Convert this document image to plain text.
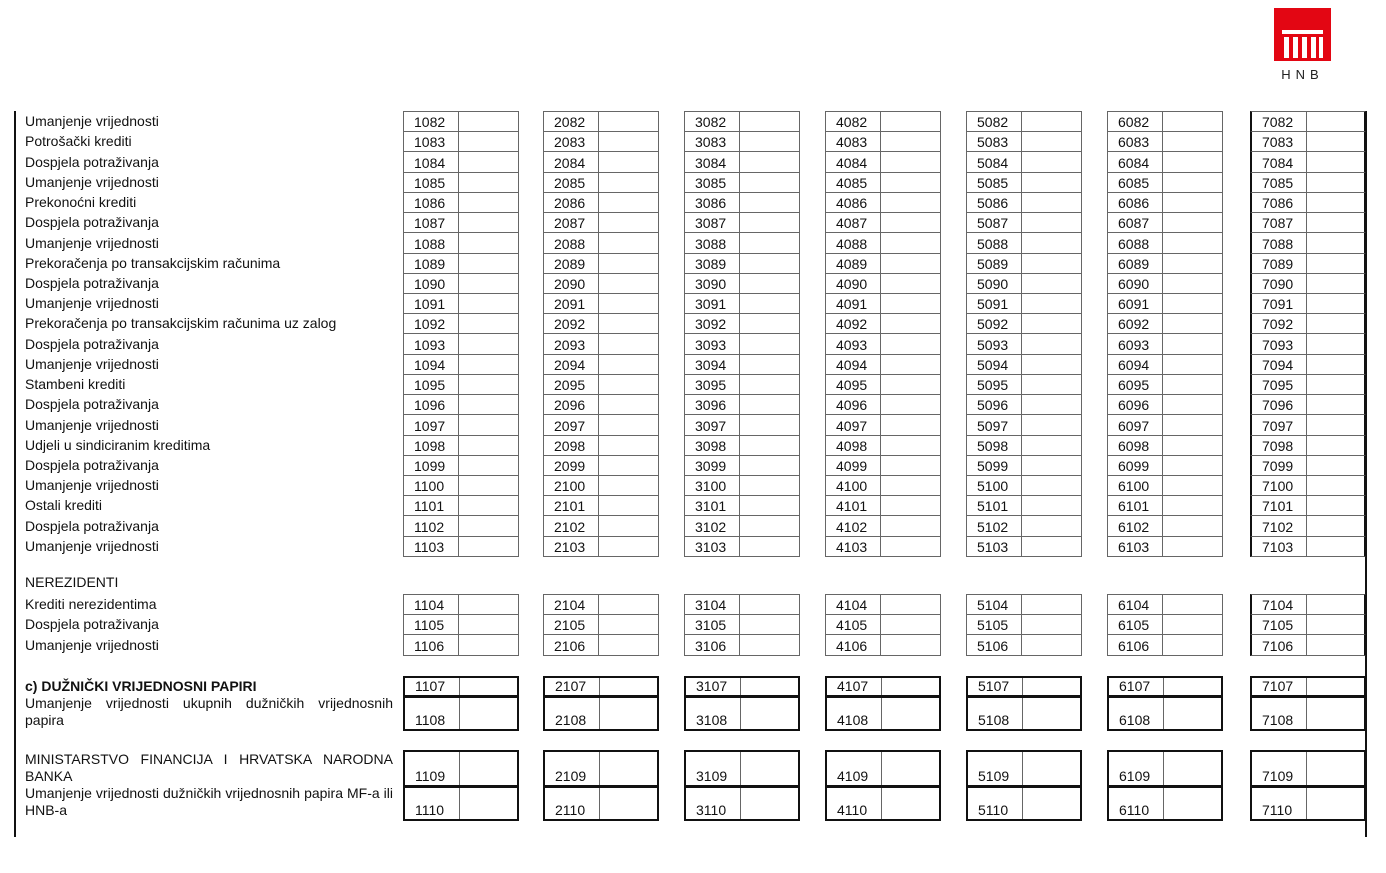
HNB
Umanjenje vrijednosti	1082	2082	3082	4082	5082	6082	7082
Potrošački krediti	1083	2083	3083	4083	5083	6083	7083
Dospjela potraživanja	1084	2084	3084	4084	5084	6084	7084
Umanjenje vrijednosti	1085	2085	3085	4085	5085	6085	7085
Prekonoćni krediti	1086	2086	3086	4086	5086	6086	7086
Dospjela potraživanja	1087	2087	3087	4087	5087	6087	7087
Umanjenje vrijednosti	1088	2088	3088	4088	5088	6088	7088
Prekoračenja po transakcijskim računima	1089	2089	3089	4089	5089	6089	7089
Dospjela potraživanja	1090	2090	3090	4090	5090	6090	7090
Umanjenje vrijednosti	1091	2091	3091	4091	5091	6091	7091
Prekoračenja po transakcijskim računima uz zalog	1092	2092	3092	4092	5092	6092	7092
Dospjela potraživanja	1093	2093	3093	4093	5093	6093	7093
Umanjenje vrijednosti	1094	2094	3094	4094	5094	6094	7094
Stambeni krediti	1095	2095	3095	4095	5095	6095	7095
Dospjela potraživanja	1096	2096	3096	4096	5096	6096	7096
Umanjenje vrijednosti	1097	2097	3097	4097	5097	6097	7097
Udjeli u sindiciranim kreditima	1098	2098	3098	4098	5098	6098	7098
Dospjela potraživanja	1099	2099	3099	4099	5099	6099	7099
Umanjenje vrijednosti	1100	2100	3100	4100	5100	6100	7100
Ostali krediti	1101	2101	3101	4101	5101	6101	7101
Dospjela potraživanja	1102	2102	3102	4102	5102	6102	7102
Umanjenje vrijednosti	1103	2103	3103	4103	5103	6103	7103
NEREZIDENTI
Krediti nerezidentima	1104	2104	3104	4104	5104	6104	7104
Dospjela potraživanja	1105	2105	3105	4105	5105	6105	7105
Umanjenje vrijednosti	1106	2106	3106	4106	5106	6106	7106
c) DUŽNIČKI VRIJEDNOSNI PAPIRI	1107	2107	3107	4107	5107	6107	7107
Umanjenje vrijednosti ukupnih dužničkih vrijednosnih papira	1108	2108	3108	4108	5108	6108	7108
MINISTARSTVO FINANCIJA I HRVATSKA NARODNA BANKA	1109	2109	3109	4109	5109	6109	7109
Umanjenje vrijednosti dužničkih vrijednosnih papira MF-a ili HNB-a	1110	2110	3110	4110	5110	6110	7110
